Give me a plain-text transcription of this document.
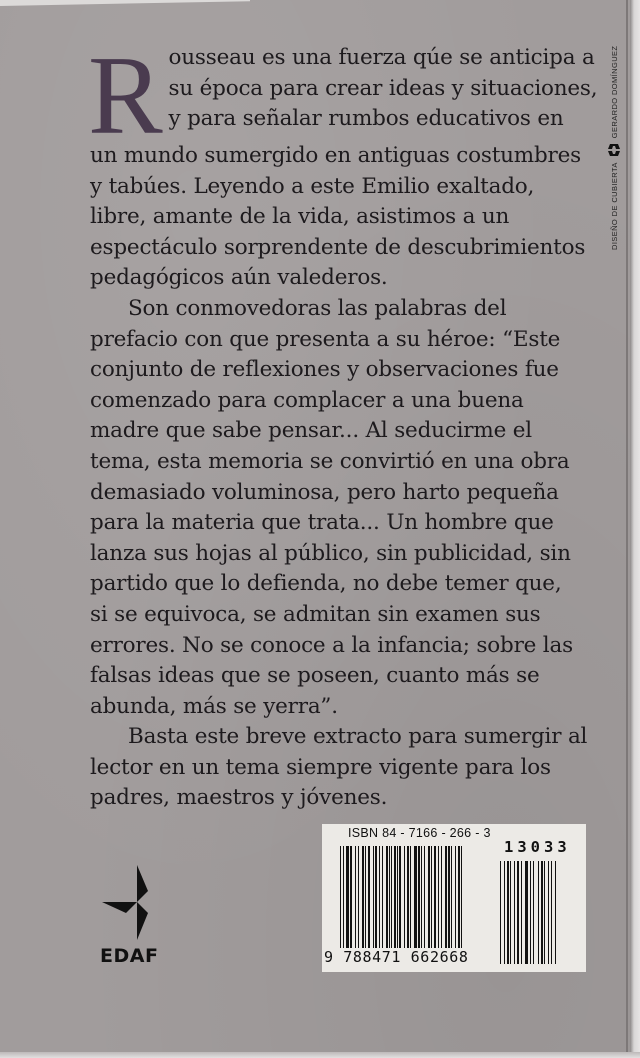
R ousseau es una fuerza qúe se anticipa a
su época para crear ideas y situaciones,
y para señalar rumbos educativos en
un mundo sumergido en antiguas costumbres
y tabúes. Leyendo a este Emilio exaltado,
libre, amante de la vida, asistimos a un
espectáculo sorprendente de descubrimientos
pedagógicos aún valederos.
Son conmovedoras las palabras del
prefacio con que presenta a su héroe: “Este
conjunto de reflexiones y observaciones fue
comenzado para complacer a una buena
madre que sabe pensar... Al seducirme el
tema, esta memoria se convirtió en una obra
demasiado voluminosa, pero harto pequeña
para la materia que trata... Un hombre que
lanza sus hojas al público, sin publicidad, sin
partido que lo defienda, no debe temer que,
si se equivoca, se admitan sin examen sus
errores. No se conoce a la infancia; sobre las
falsas ideas que se poseen, cuanto más se
abunda, más se yerra”.
Basta este breve extracto para sumergir al
lector en un tema siempre vigente para los
padres, maestros y jóvenes.
DISEÑO DE CUBIERTA
GERARDO DOMÍNGUEZ
EDAF
ISBN 84 - 7166 - 266 - 3
13033
9 788471 662668
